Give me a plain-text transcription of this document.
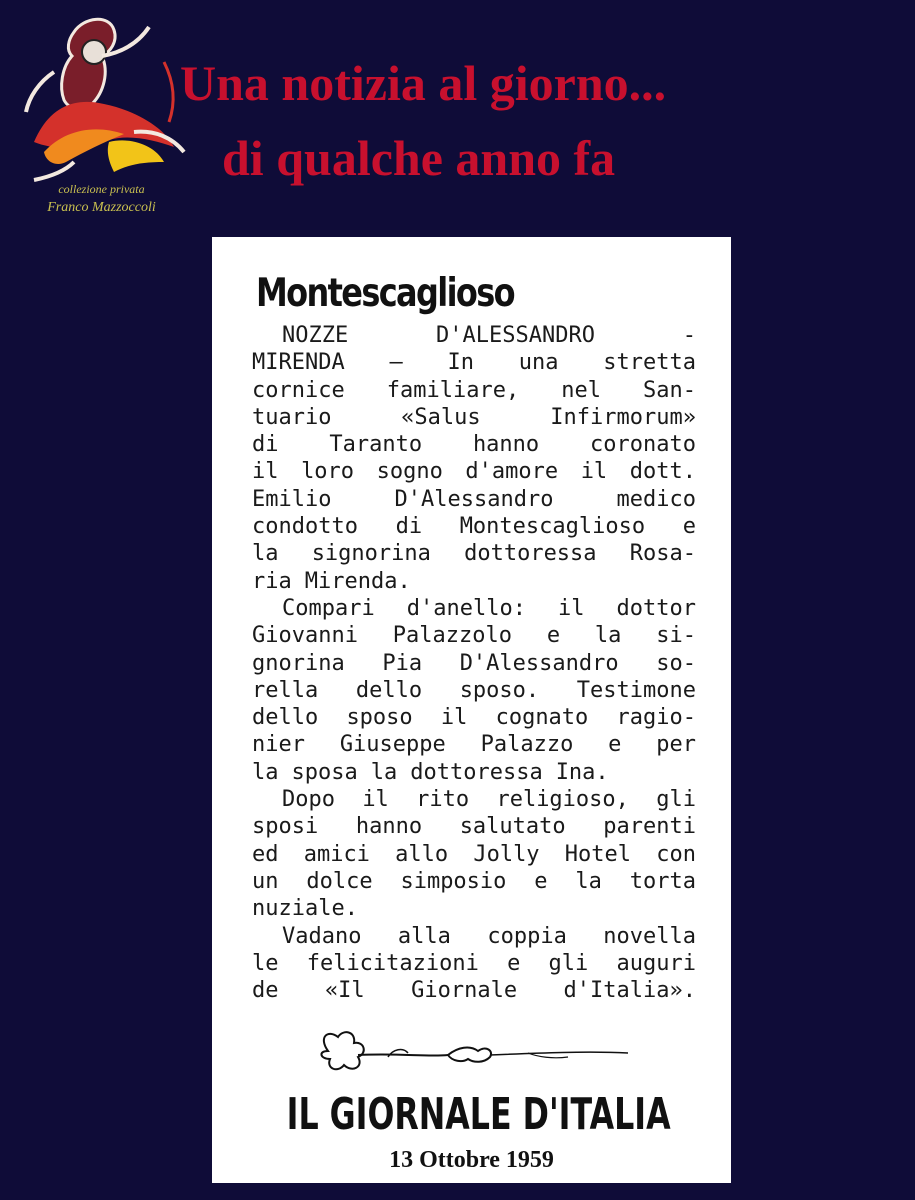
collezione privata
Franco Mazzoccoli
Una notizia al giorno...
di qualche anno fa
Montescaglioso
NOZZE	D'ALESSANDRO	-
MIRENDA — In una stretta
cornice familiare, nel San-
tuario	«Salus	Infirmorum»
di Taranto hanno coronato
il loro sogno d'amore il dott.
Emilio	D'Alessandro	medico
condotto di Montescaglioso e
la signorina dottoressa Rosa-
ria Mirenda.
Compari d'anello: il dottor
Giovanni Palazzolo e la si-
gnorina Pia D'Alessandro so-
rella dello sposo. Testimone
dello sposo il cognato ragio-
nier Giuseppe Palazzo e per
la sposa la dottoressa Ina.
Dopo il rito religioso, gli
sposi hanno salutato parenti
ed amici allo Jolly Hotel con
un dolce simposio e la torta
nuziale.
Vadano alla coppia novella
le felicitazioni e gli auguri
de «Il Giornale d'Italia».
IL GIORNALE D'ITALIA
13 Ottobre 1959
